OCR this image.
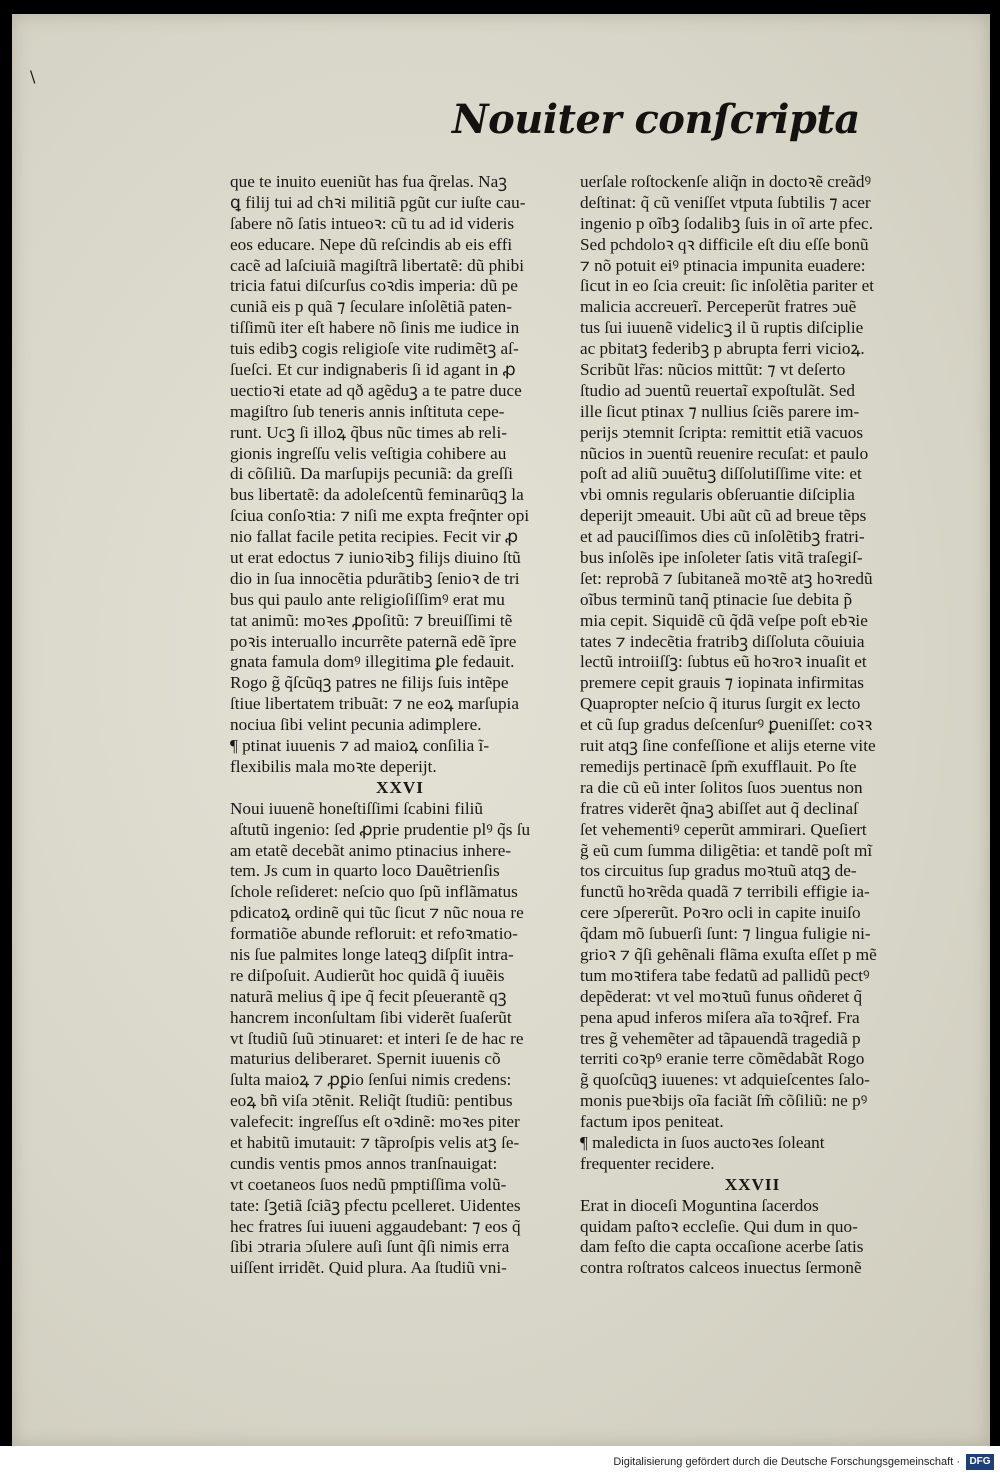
\
Nouiter conſcripta
que te inuito eueniũt has fua q̃relas. Naꝫ
ꝗ filij tui ad chꝛi militiã pgũt cur iuſte cau-
ſabere nõ ſatis intueoꝛ: cũ tu ad id videris
eos educare. Nepe dũ reſcindis ab eis effi
cacẽ ad laſciuiã magiſtrã libertatẽ: dũ phibi
tricia fatui diſcurſus coꝛdis imperia: dũ pe
cuniã eis p quã ⁊ ſeculare inſolẽtiã paten-
tiſſimũ iter eſt habere nõ ſinis me iudice in
tuis edibꝫ cogis religioſe vite rudimẽtꝫ aſ-
ſueſci. Et cur indignaberis ſi id agant in ꝓ
uectioꝛi etate ad qð agẽduꝫ a te patre duce
magiſtro ſub teneris annis inſtituta cepe-
runt. Ucꝫ ſi illoꝝ q̃bus nũc times ab reli-
gionis ingreſſu velis veſtigia cohibere au
di cõſiliũ. Da marſupijs pecuniã: da greſſi
bus libertatẽ: da adoleſcentũ feminarũqꝫ la
ſciua conſoꝛtia: ⁊ niſi me expta freq̃nter opi
nio fallat facile petita recipies. Fecit vir ꝓ
ut erat edoctus ⁊ iunioꝛibꝫ filijs diuino ſtũ
dio in ſua innocẽtia pdurãtibꝫ ſenioꝛ de tri
bus qui paulo ante religioſiſſimꝰ erat mu
tat animũ: moꝛes ꝓpoſitũ: ⁊ breuiſſimi tẽ
poꝛis interuallo incurrẽte paternã edẽ ĩpre
gnata famula domꝰ illegitima ꝑle fedauit.
Rogo g̃ q̃ſcũqꝫ patres ne filijs ſuis intẽpe
ſtiue libertatem tribuãt: ⁊ ne eoꝝ marſupia
nociua ſibi velint pecunia adimplere.
¶ ptinat iuuenis ⁊ ad maioꝝ conſilia ĩ-
flexibilis mala moꝛte deperijt.
XXVI
Noui iuuenẽ honeſtiſſimi ſcabini filiũ
aſtutũ ingenio: ſed ꝓprie prudentie plꝰ q̃s ſu
am etatẽ decebãt animo ptinacius inhere-
tem. Js cum in quarto loco Dauẽtrienſis
ſchole reſideret: neſcio quo ſpũ inflãmatus
pdicatoꝝ ordinẽ qui tũc ſicut ⁊ nũc noua re
formatiõe abunde refloruit: et refoꝛmatio-
nis ſue palmites longe lateqꝫ diſpſit intra-
re diſpoſuit. Audierũt hoc quidã q̃ iuuẽis
naturã melius q̃ ipe q̃ fecit pſeuerantẽ qꝫ
hancrem inconſultam ſibi viderẽt ſuaſerũt
vt ſtudiũ ſuũ ↄtinuaret: et interi ſe de hac re
maturius deliberaret. Spernit iuuenis cõ
ſulta maioꝝ ⁊ ꝓꝑio ſenſui nimis credens:
eoꝝ bñ viſa ↄtẽnit. Reliq̃t ſtudiũ: pentibus
valefecit: ingreſſus eſt oꝛdinẽ: moꝛes piter
et habitũ imutauit: ⁊ tãproſpis velis atꝫ ſe-
cundis ventis pmos annos tranſnauigat:
vt coetaneos ſuos nedũ pmptiſſima volũ-
tate: ſꝫetiã ſciãꝫ pfectu pcelleret. Uidentes
hec fratres ſui iuueni aggaudebant: ⁊ eos q̃
ſibi ↄtraria ↄſulere auſi ſunt q̃ſi nimis erra
uiſſent irridẽt. Quid plura. Aa ſtudiũ vni-
uerſale roſtockenſe aliq̃n in doctoꝛẽ creãdꝰ
deſtinat: q̃ cũ veniſſet vtputa ſubtilis ⁊ acer
ingenio p oĩbꝫ ſodalibꝫ ſuis in oĩ arte pfec.
Sed pchdoloꝛ qꝛ difficile eſt diu eſſe bonũ
⁊ nõ potuit eiꝰ ptinacia impunita euadere:
ſicut in eo ſcia creuit: ſic inſolẽtia pariter et
malicia accreuerĩ. Perceperũt fratres ↄuẽ
tus ſui iuuenẽ videlicꝫ il ũ ruptis diſciplie
ac pbitatꝫ federibꝫ p abrupta ferri vicioꝝ.
Scribũt lr̃as: nũcios mittũt: ⁊ vt deſerto
ſtudio ad ↄuentũ reuertaĩ expoſtulãt. Sed
ille ſicut ptinax ⁊ nullius ſciẽs parere im-
perijs ↄtemnit ſcripta: remittit etiã vacuos
nũcios in ↄuentũ reuenire recuſat: et paulo
poſt ad aliũ ↄuuẽtuꝫ diſſolutiſſime vite: et
vbi omnis regularis obſeruantie diſciplia
deperijt ↄmeauit. Ubi aũt cũ ad breue tẽps
et ad pauciſſimos dies cũ inſolẽtibꝫ fratri-
bus inſolẽs ipe inſoleter ſatis vitã traſegiſ-
ſet: reprobã ⁊ ſubitaneã moꝛtẽ atꝫ hoꝛredũ
oĩbus terminũ tanq̃ ptinacie ſue debita p̃
mia cepit. Siquidẽ cũ q̃dã veſpe poſt ebꝛie
tates ⁊ indecẽtia fratribꝫ diſſoluta cõuiuia
lectũ introiiſſꝫ: ſubtus eũ hoꝛroꝛ inuaſit et
premere cepit grauis ⁊ iopinata infirmitas
Quapropter neſcio q̃ iturus ſurgit ex lecto
et cũ ſup gradus deſcenſurꝰ ꝑueniſſet: coꝛꝛ
ruit atqꝫ ſine confeſſione et alijs eterne vite
remedijs pertinacẽ ſpm̃ exufflauit. Po ſte
ra die cũ eũ inter ſolitos ſuos ↄuentus non
fratres viderẽt q̃naꝫ abiſſet aut q̃ declinaſ
ſet vehementiꝰ ceperũt ammirari. Queſiert
g̃ eũ cum ſumma diligẽtia: et tandẽ poſt mĩ
tos circuitus ſup gradus moꝛtuũ atqꝫ de-
functũ hoꝛrẽda quadã ⁊ terribili effigie ia-
cere ↄſpererũt. Poꝛro ocli in capite inuiſo
q̃dam mõ ſubuerſi ſunt: ⁊ lingua fuligie ni-
grioꝛ ⁊ q̃ſi gehẽnali flãma exuſta eſſet p mẽ
tum moꝛtifera tabe fedatũ ad pallidũ pectꝰ
depẽderat: vt vel moꝛtuũ funus oñderet q̃
pena apud inferos miſera aĩa toꝛq̃ref. Fra
tres g̃ vehemẽter ad tãpauendã tragediã p
territi coꝛpꝰ eranie terre cõmẽdabãt Rogo
g̃ quoſcũqꝫ iuuenes: vt adquieſcentes ſalo-
monis pueꝛbijs oĩa faciãt ſm̃ cõſiliũ: ne pꝰ
factum ipos peniteat.
¶ maledicta in ſuos auctoꝛes ſoleant
frequenter recidere.
XXVII
Erat in dioceſi Moguntina ſacerdos
quidam paſtoꝛ eccleſie. Qui dum in quo-
dam feſto die capta occaſione acerbe ſatis
contra roſtratos calceos inuectus ſermonẽ
Digitalisierung gefördert durch die Deutsche Forschungsgemeinschaft · DFG
